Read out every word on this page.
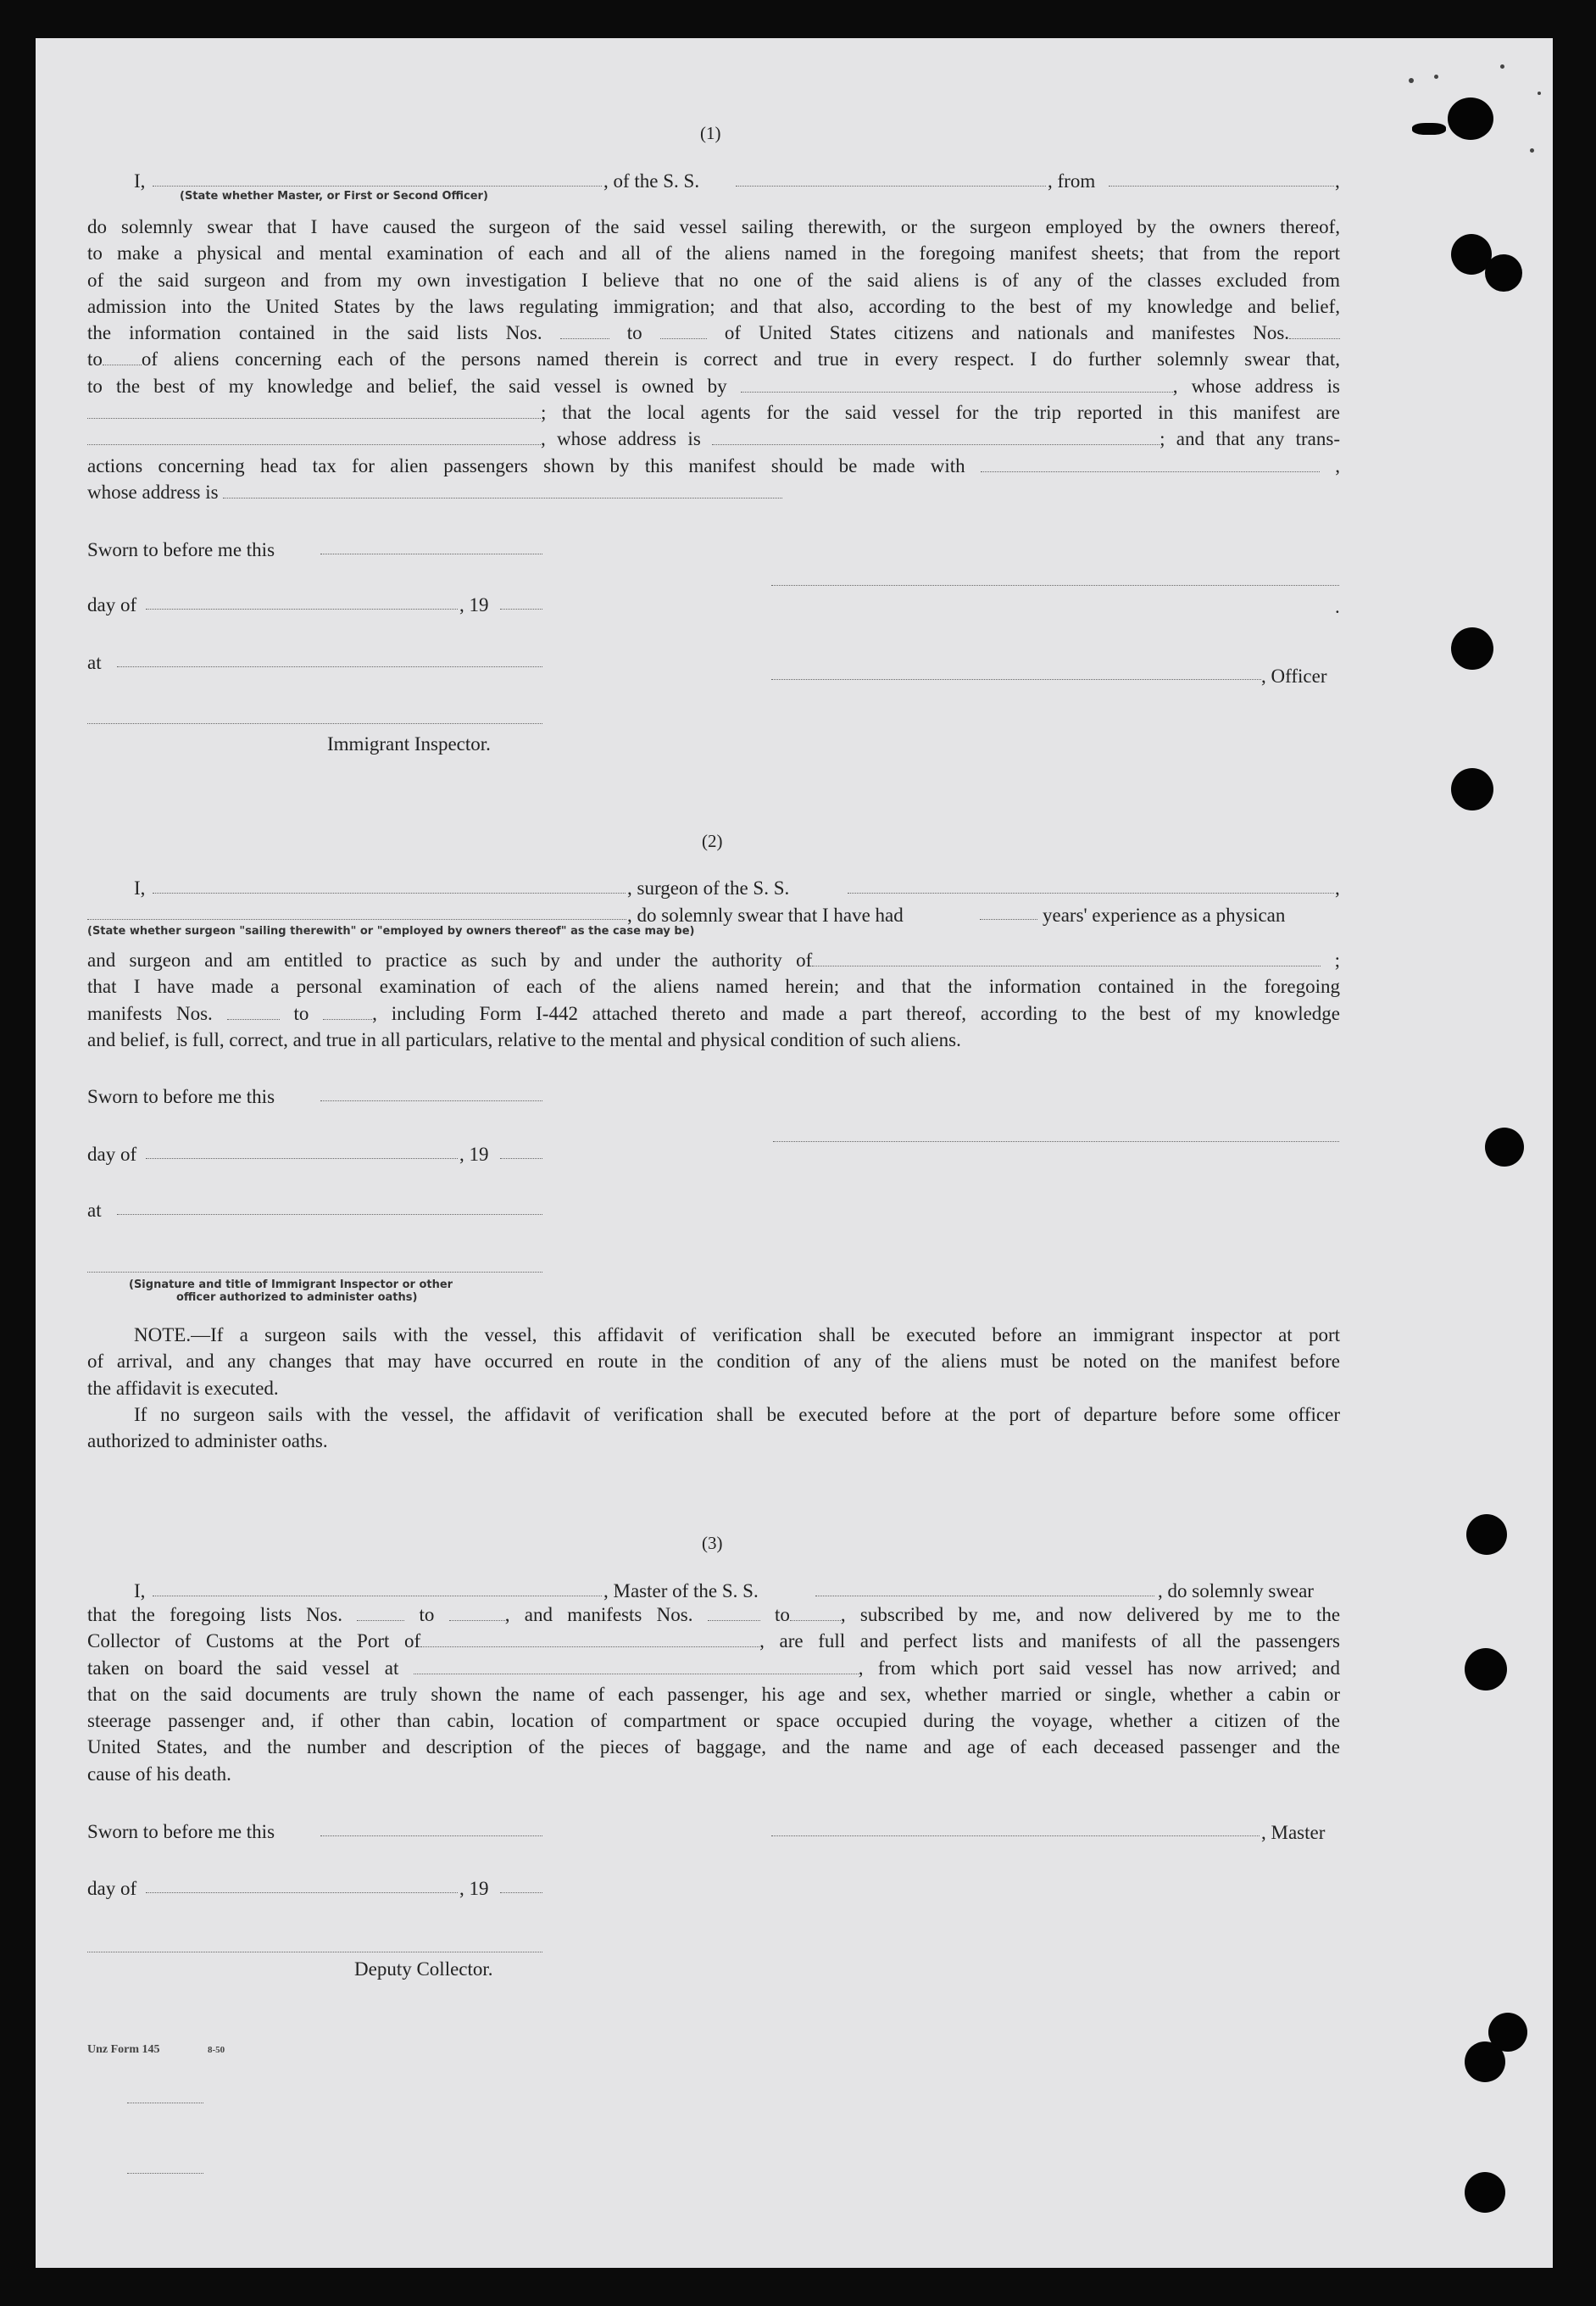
(1)
I,
(State whether Master, or First or Second Officer)
, of the S. S.	, from	,
do solemnly swear that I have caused the surgeon of the said vessel sailing therewith, or the surgeon employed by the owners thereof,
to make a physical and mental examination of each and all of the aliens named in the foregoing manifest sheets; that from the report
of the said surgeon and from my own investigation I believe that no one of the said aliens is of any of the classes excluded from
admission into the United States by the laws regulating immigration; and that also, according to the best of my knowledge and belief,
the information contained in the said lists Nos.	to	of United States citizens and nationals and manifestes Nos.
to of aliens concerning each of the persons named therein is correct and true in every respect. I do further solemnly swear that,
to the best of my knowledge and belief, the said vessel is owned by	, whose address is
; that the local agents for the said vessel for the trip reported in this manifest are
, whose address is	; and that any trans-
actions concerning head tax for alien passengers shown by this manifest should be made with	,
whose address is
Sworn to before me this
day of	, 19	.
at
, Officer
Immigrant Inspector.
(2)
I,	, surgeon of the S. S.	,
, do solemnly swear that I have had	years' experience as a physican
(State whether surgeon "sailing therewith" or "employed by owners thereof" as the case may be)
and surgeon and am entitled to practice as such by and under the authority of	;
that I have made a personal examination of each of the aliens named herein; and that the information contained in the foregoing
manifests Nos.	to	, including Form I-442 attached thereto and made a part thereof, according to the best of my knowledge
and belief, is full, correct, and true in all particulars, relative to the mental and physical condition of such aliens.
Sworn to before me this
day of	, 19
at
(Signature and title of Immigrant Inspector or other
officer authorized to administer oaths)
NOTE.—If a surgeon sails with the vessel, this affidavit of verification shall be executed before an immigrant inspector at port
of arrival, and any changes that may have occurred en route in the condition of any of the aliens must be noted on the manifest before
the affidavit is executed.
If no surgeon sails with the vessel, the affidavit of verification shall be executed before at the port of departure before some officer
authorized to administer oaths.
(3)
I,	, Master of the S. S.	, do solemnly swear
that the foregoing lists Nos.	to	, and manifests Nos.	to	, subscribed by me, and now delivered by me to the
Collector of Customs at the Port of	, are full and perfect lists and manifests of all the passengers
taken on board the said vessel at	, from which port said vessel has now arrived; and
that on the said documents are truly shown the name of each passenger, his age and sex, whether married or single, whether a cabin or
steerage passenger and, if other than cabin, location of compartment or space occupied during the voyage, whether a citizen of the
United States, and the number and description of the pieces of baggage, and the name and age of each deceased passenger and the
cause of his death.
Sworn to before me this	, Master
day of	, 19
Deputy Collector.
Unz Form 145	8-50
